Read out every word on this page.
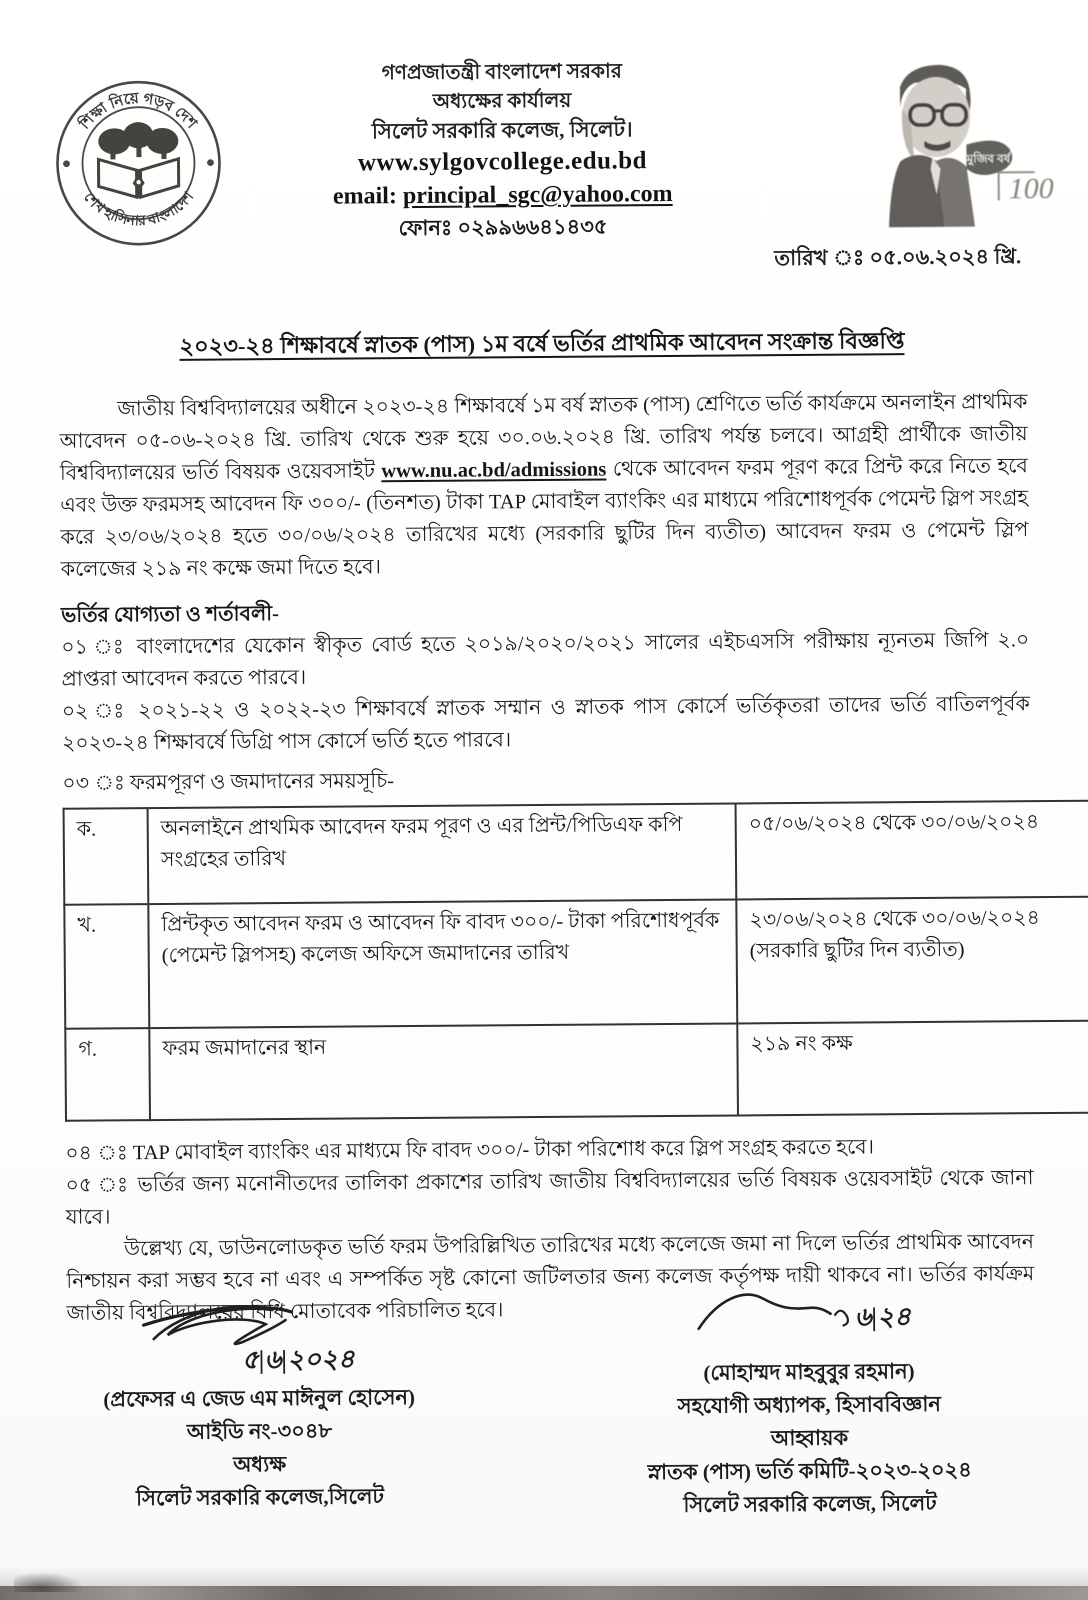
শিক্ষা নিয়ে গড়ব দেশ
শেখ হাসিনার বাংলাদেশ
গণপ্রজাতন্ত্রী বাংলাদেশ সরকার
অধ্যক্ষের কার্যালয়
সিলেট সরকারি কলেজ, সিলেট।
www.sylgovcollege.edu.bd
email: principal_sgc@yahoo.com
ফোনঃ ০২৯৯৬৬৪১৪৩৫
মুজিব বর্ষ
100
তারিখ ঃ ০৫.০৬.২০২৪ খ্রি.
২০২৩-২৪ শিক্ষাবর্ষে স্নাতক (পাস) ১ম বর্ষে ভর্তির প্রাথমিক আবেদন সংক্রান্ত বিজ্ঞপ্তি

জাতীয় বিশ্ববিদ্যালয়ের অধীনে ২০২৩-২৪ শিক্ষাবর্ষে ১ম বর্ষ স্নাতক (পাস) শ্রেণিতে ভর্তি কার্যক্রমে অনলাইন প্রাথমিক আবেদন ০৫-০৬-২০২৪ খ্রি. তারিখ থেকে শুরু হয়ে ৩০.০৬.২০২৪ খ্রি. তারিখ পর্যন্ত চলবে। আগ্রহী প্রার্থীকে জাতীয় বিশ্ববিদ্যালয়ের ভর্তি বিষয়ক ওয়েবসাইট www.nu.ac.bd/admissions থেকে আবেদন ফরম পূরণ করে প্রিন্ট করে নিতে হবে এবং উক্ত ফরমসহ আবেদন ফি ৩০০/- (তিনশত) টাকা TAP মোবাইল ব্যাংকিং এর মাধ্যমে পরিশোধপূর্বক পেমেন্ট স্লিপ সংগ্রহ করে ২৩/০৬/২০২৪ হতে ৩০/০৬/২০২৪ তারিখের মধ্যে (সরকারি ছুটির দিন ব্যতীত) আবেদন ফরম ও পেমেন্ট স্লিপ কলেজের ২১৯ নং কক্ষে জমা দিতে হবে।

ভর্তির যোগ্যতা ও শর্তাবলী-

০১ ঃ বাংলাদেশের যেকোন স্বীকৃত বোর্ড হতে ২০১৯/২০২০/২০২১ সালের এইচএসসি পরীক্ষায় ন্যূনতম জিপি ২.০ প্রাপ্তরা আবেদন করতে পারবে।

০২ ঃ ২০২১-২২ ও ২০২২-২৩ শিক্ষাবর্ষে স্নাতক সম্মান ও স্নাতক পাস কোর্সে ভর্তিকৃতরা তাদের ভর্তি বাতিলপূর্বক ২০২৩-২৪ শিক্ষাবর্ষে ডিগ্রি পাস কোর্সে ভর্তি হতে পারবে।

০৩ ঃ ফরমপূরণ ও জমাদানের সময়সূচি-

ক.	অনলাইনে প্রাথমিক আবেদন ফরম পূরণ ও এর প্রিন্ট/পিডিএফ কপি সংগ্রহের তারিখ	০৫/০৬/২০২৪ থেকে ৩০/০৬/২০২৪
খ.	প্রিন্টকৃত আবেদন ফরম ও আবেদন ফি বাবদ ৩০০/- টাকা পরিশোধপূর্বক (পেমেন্ট স্লিপসহ) কলেজ অফিসে জমাদানের তারিখ	২৩/০৬/২০২৪ থেকে ৩০/০৬/২০২৪ (সরকারি ছুটির দিন ব্যতীত)
গ.	ফরম জমাদানের স্থান	২১৯ নং কক্ষ

০৪ ঃ TAP মোবাইল ব্যাংকিং এর মাধ্যমে ফি বাবদ ৩০০/- টাকা পরিশোধ করে স্লিপ সংগ্রহ করতে হবে।

০৫ ঃ ভর্তির জন্য মনোনীতদের তালিকা প্রকাশের তারিখ জাতীয় বিশ্ববিদ্যালয়ের ভর্তি বিষয়ক ওয়েবসাইট থেকে জানা যাবে।

উল্লেখ্য যে, ডাউনলোডকৃত ভর্তি ফরম উপরিল্লিখিত তারিখের মধ্যে কলেজে জমা না দিলে ভর্তির প্রাথমিক আবেদন নিশ্চায়ন করা সম্ভব হবে না এবং এ সম্পর্কিত সৃষ্ট কোনো জটিলতার জন্য কলেজ কর্তৃপক্ষ দায়ী থাকবে না। ভর্তির কার্যক্রম জাতীয় বিশ্ববিদ্যালয়ের বিধি মোতাবেক পরিচালিত হবে।

৫|৬|২০২৪

(প্রফেসর এ জেড এম মাঈনুল হোসেন)

আইডি নং-৩০৪৮

অধ্যক্ষ

সিলেট সরকারি কলেজ,সিলেট

৬|২৪

(মোহাম্মদ মাহবুবুর রহমান)

সহযোগী অধ্যাপক, হিসাববিজ্ঞান

আহ্বায়ক

স্নাতক (পাস) ভর্তি কমিটি-২০২৩-২০২৪

সিলেট সরকারি কলেজ, সিলেট
